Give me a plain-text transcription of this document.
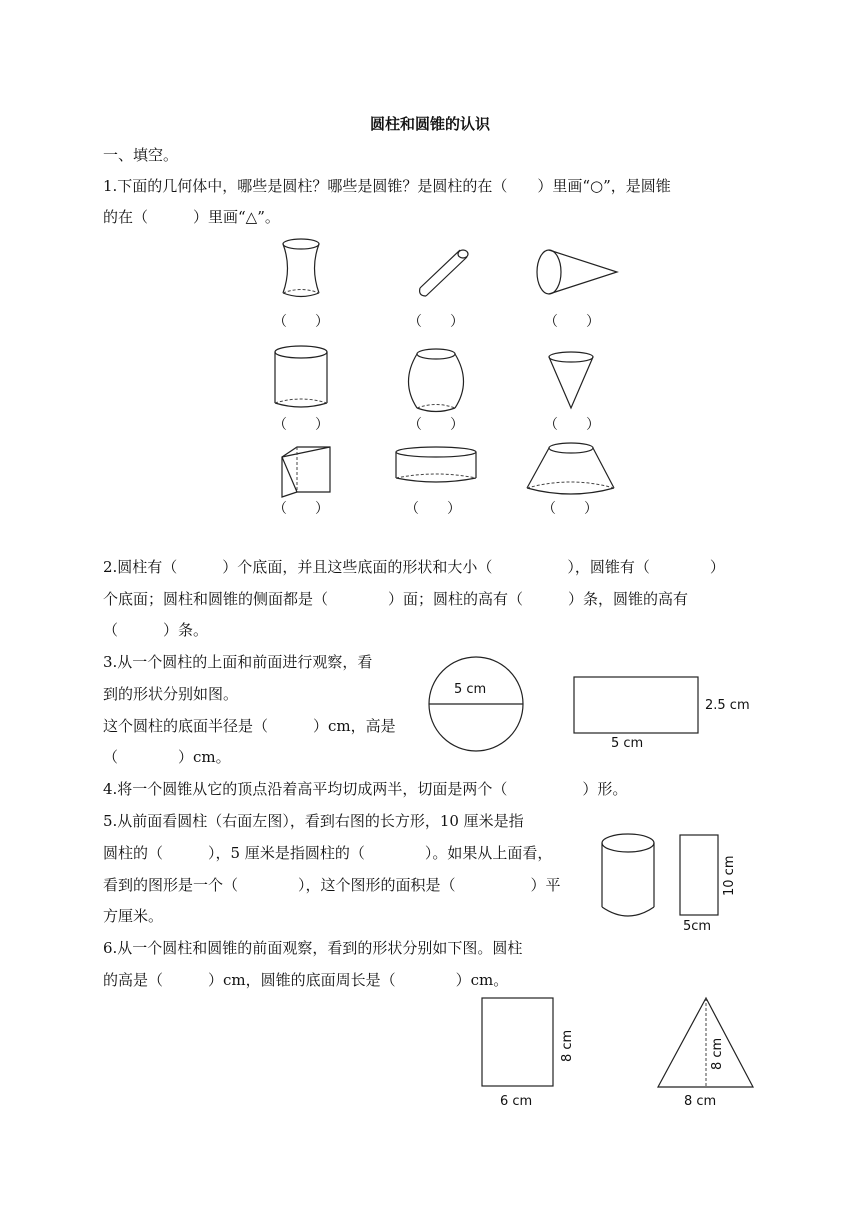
圆柱和圆锥的认识
一、填空。
1.下面的几何体中，哪些是圆柱？哪些是圆锥？是圆柱的在（　　）里画“○”，是圆锥
的在（　　　）里画“△”。
（　　）	（　　）	（　　）
（　　）	（　　）	（　　）
（　　）	（　　）	（　　）
2.圆柱有（　　　）个底面，并且这些底面的形状和大小（　　　　　），圆锥有（　　　　）
个底面；圆柱和圆锥的侧面都是（　　　　）面；圆柱的高有（　　　）条，圆锥的高有
（　　　）条。
3.从一个圆柱的上面和前面进行观察，看
到的形状分别如图。
这个圆柱的底面半径是（　　　）cm，高是
（　　　　）cm。
5 cm
2.5 cm
5 cm
4.将一个圆锥从它的顶点沿着高平均切成两半，切面是两个（　　　　　）形。
5.从前面看圆柱（右面左图），看到右图的长方形，10 厘米是指
圆柱的（　　　），5 厘米是指圆柱的（　　　　）。如果从上面看，
看到的图形是一个（　　　　），这个图形的面积是（　　　　　）平
方厘米。
10 cm
5cm
6.从一个圆柱和圆锥的前面观察，看到的形状分别如下图。圆柱
的高是（　　　）cm，圆锥的底面周长是（　　　　）cm。
8 cm
6 cm
8 cm
8 cm
